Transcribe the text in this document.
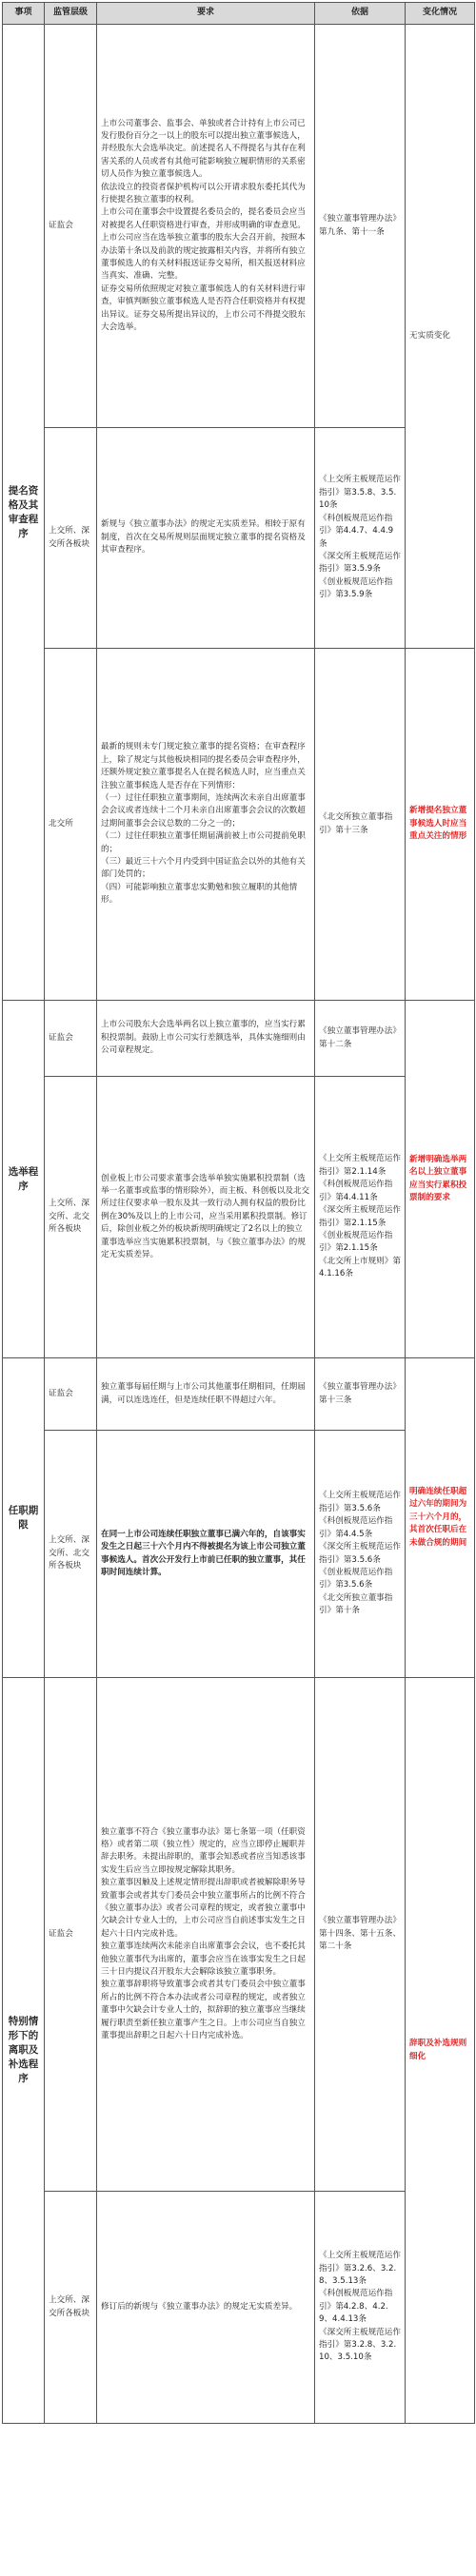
事项	监管层级	要求	依据	变化情况
提名资格及其审查程序	证监会	上市公司董事会、监事会、单独或者合计持有上市公司已发行股份百分之一以上的股东可以提出独立董事候选人，并经股东大会选举决定。前述提名人不得提名与其存在利害关系的人员或者有其他可能影响独立履职情形的关系密切人员作为独立董事候选人。

依法设立的投资者保护机构可以公开请求股东委托其代为行使提名独立董事的权利。

上市公司在董事会中设置提名委员会的，提名委员会应当对被提名人任职资格进行审查，并形成明确的审查意见。

上市公司应当在选举独立董事的股东大会召开前，按照本办法第十条以及前款的规定披露相关内容，并将所有独立董事候选人的有关材料报送证券交易所，相关报送材料应当真实、准确、完整。

证券交易所依照规定对独立董事候选人的有关材料进行审查，审慎判断独立董事候选人是否符合任职资格并有权提出异议。证券交易所提出异议的，上市公司不得提交股东大会选举。	《独立董事管理办法》第九条、第十一条	无实质变化
	上交所、深交所各板块	新规与《独立董事办法》的规定无实质差异。相较于原有制度，首次在交易所规则层面规定独立董事的提名资格及其审查程序。	《上交所主板规范运作指引》第3.5.8、3.5.10条

《科创板规范运作指引》第4.4.7、4.4.9条

《深交所主板规范运作指引》第3.5.9条

《创业板规范运作指引》第3.5.9条	

	北交所	最新的规则未专门规定独立董事的提名资格；在审查程序上，除了规定与其他板块相同的提名委员会审查程序外，还额外规定独立董事提名人在提名候选人时，应当重点关注独立董事候选人是否存在下列情形：

（一）过往任职独立董事期间，连续两次未亲自出席董事会会议或者连续十二个月未亲自出席董事会会议的次数超过期间董事会会议总数的二分之一的；

（二）过往任职独立董事任期届满前被上市公司提前免职的；

（三）最近三十六个月内受到中国证监会以外的其他有关部门处罚的；

（四）可能影响独立董事忠实勤勉和独立履职的其他情形。	《北交所独立董事指引》第十三条	新增提名独立董事候选人时应当重点关注的情形
选举程序	证监会	上市公司股东大会选举两名以上独立董事的，应当实行累积投票制。鼓励上市公司实行差额选举，具体实施细则由公司章程规定。	《独立董事管理办法》第十二条	新增明确选举两名以上独立董事应当实行累积投票制的要求
	上交所、深交所、北交所各板块	创业板上市公司要求董事会选举单独实施累积投票制（选举一名董事或监事的情形除外），而主板、科创板以及北交所过往仅要求单一股东及其一致行动人拥有权益的股份比例在30%及以上的上市公司，应当采用累积投票制。修订后，除创业板之外的板块新规明确规定了2名以上的独立董事选举应当实施累积投票制，与《独立董事办法》的规定无实质差异。	《上交所主板规范运作指引》第2.1.14条

《科创板规范运作指引》第4.4.11条

《深交所主板规范运作指引》第2.1.15条

《创业板规范运作指引》第2.1.15条

《北交所上市规则》第4.1.16条	

任职期限	证监会	独立董事每届任期与上市公司其他董事任期相同，任期届满，可以连选连任，但是连续任职不得超过六年。	《独立董事管理办法》第十三条	明确连续任职超过六年的期间为三十六个月的，其首次任职后在未做合规的期间
	上交所、深交所、北交所各板块	在同一上市公司连续任职独立董事已满六年的，自该事实发生之日起三十六个月内不得被提名为该上市公司独立董事候选人。首次公开发行上市前已任职的独立董事，其任职时间连续计算。	《上交所主板规范运作指引》第3.5.6条

《科创板规范运作指引》第4.4.5条

《深交所主板规范运作指引》第3.5.6条

《创业板规范运作指引》第3.5.6条

《北交所独立董事指引》第十条	

特别情形下的离职及补选程序	证监会	独立董事不符合《独立董事办法》第七条第一项（任职资格）或者第二项（独立性）规定的，应当立即停止履职并辞去职务。未提出辞职的，董事会知悉或者应当知悉该事实发生后应当立即按规定解除其职务。

独立董事因触及上述规定情形提出辞职或者被解除职务导致董事会或者其专门委员会中独立董事所占的比例不符合《独立董事办法》或者公司章程的规定，或者独立董事中欠缺会计专业人士的，上市公司应当自前述事实发生之日起六十日内完成补选。

独立董事连续两次未能亲自出席董事会会议，也不委托其他独立董事代为出席的，董事会应当在该事实发生之日起三十日内提议召开股东大会解除该独立董事职务。

独立董事辞职将导致董事会或者其专门委员会中独立董事所占的比例不符合本办法或者公司章程的规定，或者独立董事中欠缺会计专业人士的，拟辞职的独立董事应当继续履行职责至新任独立董事产生之日。上市公司应当自独立董事提出辞职之日起六十日内完成补选。	《独立董事管理办法》第十四条、第十五条、第二十条	辞职及补选规则细化
	上交所、深交所各板块	修订后的新规与《独立董事办法》的规定无实质差异。	《上交所主板规范运作指引》第3.2.6、3.2.8、3.5.13条

《科创板规范运作指引》第4.2.8、4.2.9、4.4.13条

《深交所主板规范运作指引》第3.2.8、3.2.10、3.5.10条	
